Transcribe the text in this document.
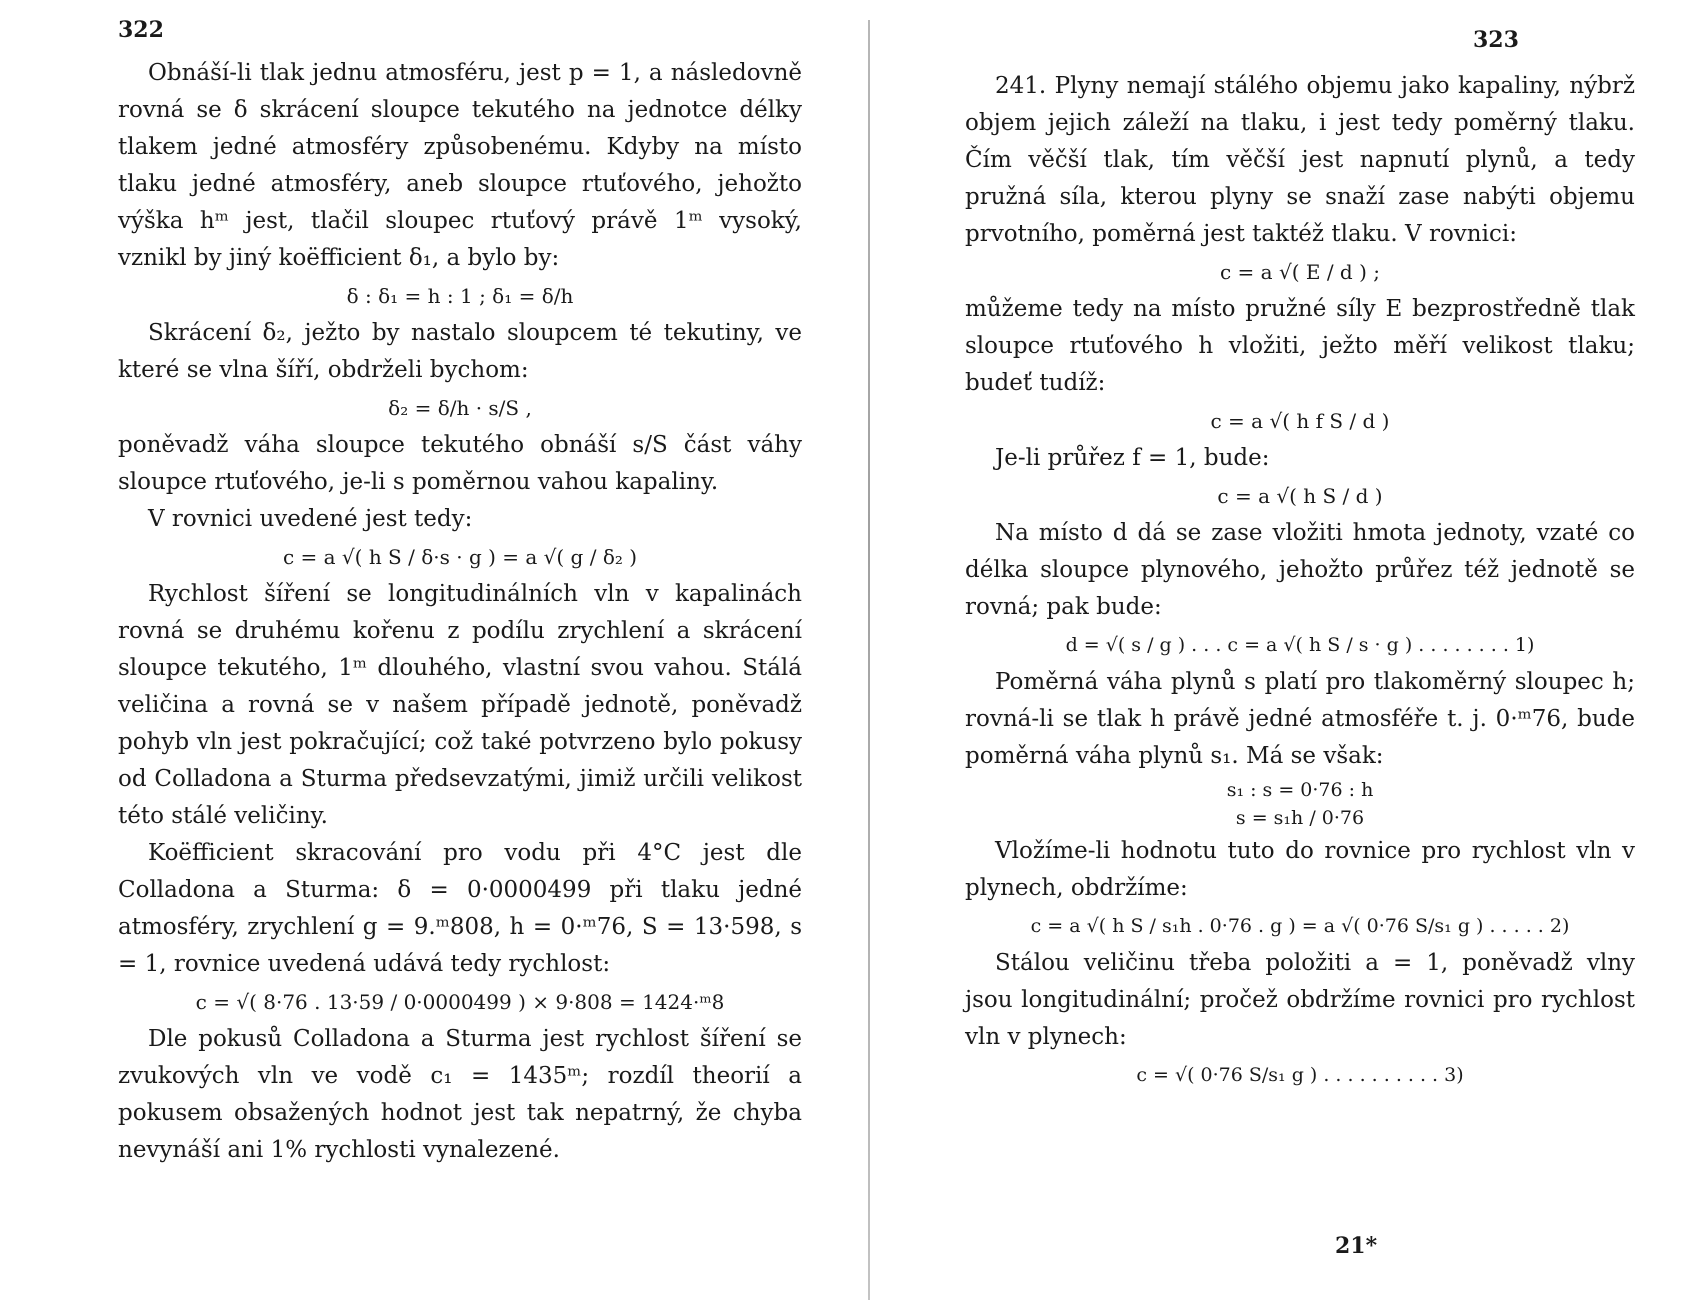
322

Obnáší-li tlak jednu atmosféru, jest p = 1, a následovně rovná se δ skrácení sloupce tekutého na jednotce délky tlakem jedné atmosféry způsobenému. Kdyby na místo tlaku jedné atmosféry, aneb sloupce rtuťového, jehožto výška hᵐ jest, tlačil sloupec rtuťový právě 1ᵐ vysoký, vznikl by jiný koëfficient δ₁, a bylo by:

δ : δ₁ = h : 1 ; δ₁ = δ/h

Skrácení δ₂, ježto by nastalo sloupcem té tekutiny, ve které se vlna šíří, obdrželi bychom:

δ₂ = δ/h · s/S ,

poněvadž váha sloupce tekutého obnáší s/S část váhy sloupce rtuťového, je-li s poměrnou vahou kapaliny.

V rovnici uvedené jest tedy:

c = a √( h S / δ·s · g ) = a √( g / δ₂ )

Rychlost šíření se longitudinálních vln v kapalinách rovná se druhému kořenu z podílu zrychlení a skrácení sloupce tekutého, 1ᵐ dlouhého, vlastní svou vahou. Stálá veličina a rovná se v našem případě jednotě, poněvadž pohyb vln jest pokračující; což také potvrzeno bylo pokusy od Colladona a Sturma předsevzatými, jimiž určili velikost této stálé veličiny.

Koëfficient skracování pro vodu při 4°C jest dle Colladona a Sturma: δ = 0·0000499 při tlaku jedné atmosféry, zrychlení g = 9.ᵐ808, h = 0·ᵐ76, S = 13·598, s = 1, rovnice uvedená udává tedy rychlost:

c = √( 8·76 . 13·59 / 0·0000499 ) × 9·808 = 1424·ᵐ8

Dle pokusů Colladona a Sturma jest rychlost šíření se zvukových vln ve vodě c₁ = 1435ᵐ; rozdíl theorií a pokusem obsažených hodnot jest tak nepatrný, že chyba nevynáší ani 1% rychlosti vynalezené.

323

241. Plyny nemají stálého objemu jako kapaliny, nýbrž objem jejich záleží na tlaku, i jest tedy poměrný tlaku. Čím věčší tlak, tím věčší jest napnutí plynů, a tedy pružná síla, kterou plyny se snaží zase nabýti objemu prvotního, poměrná jest taktéž tlaku. V rovnici:

c = a √( E / d ) ;

můžeme tedy na místo pružné síly E bezprostředně tlak sloupce rtuťového h vložiti, ježto měří velikost tlaku; budeť tudíž:

c = a √( h f S / d )

Je-li průřez f = 1, bude:

c = a √( h S / d )

Na místo d dá se zase vložiti hmota jednoty, vzaté co délka sloupce plynového, jehožto průřez též jednotě se rovná; pak bude:

d = √( s / g ) . . . c = a √( h S / s · g ) . . . . . . . . 1)

Poměrná váha plynů s platí pro tlakoměrný sloupec h; rovná-li se tlak h právě jedné atmosféře t. j. 0·ᵐ76, bude poměrná váha plynů s₁. Má se však:

s₁ : s = 0·76 : h
s = s₁h / 0·76

Vložíme-li hodnotu tuto do rovnice pro rychlost vln v plynech, obdržíme:

c = a √( h S / s₁h . 0·76 . g ) = a √( 0·76 S/s₁ g ) . . . . . 2)

Stálou veličinu třeba položiti a = 1, poněvadž vlny jsou longitudinální; pročež obdržíme rovnici pro rychlost vln v plynech:

c = √( 0·76 S/s₁ g ) . . . . . . . . . . 3)
21*
